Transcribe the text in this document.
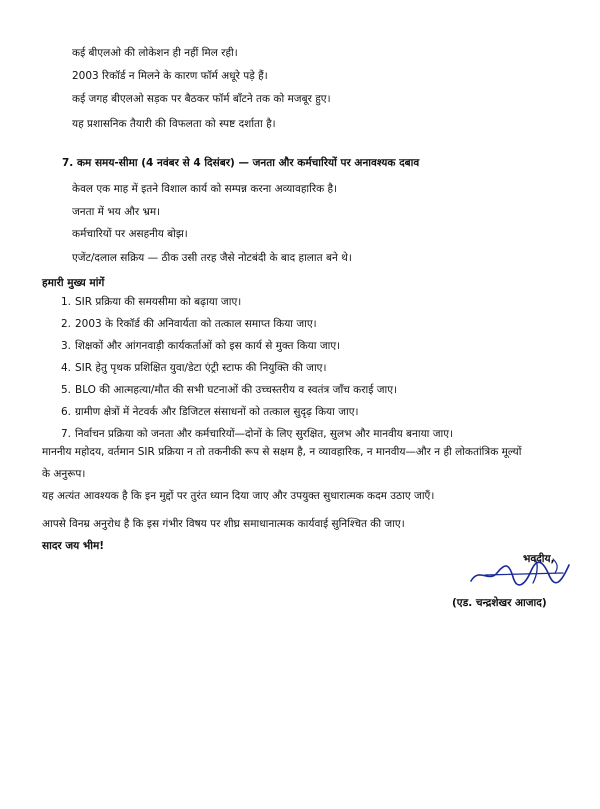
कई बीएलओ की लोकेशन ही नहीं मिल रही।
2003 रिकॉर्ड न मिलने के कारण फॉर्म अधूरे पड़े हैं।
कई जगह बीएलओ सड़क पर बैठकर फॉर्म बाँटने तक को मजबूर हुए।
यह प्रशासनिक तैयारी की विफलता को स्पष्ट दर्शाता है।
7. कम समय-सीमा (4 नवंबर से 4 दिसंबर) — जनता और कर्मचारियों पर अनावश्यक दबाव
केवल एक माह में इतने विशाल कार्य को सम्पन्न करना अव्यावहारिक है।
जनता में भय और भ्रम।
कर्मचारियों पर असहनीय बोझ।
एजेंट/दलाल सक्रिय — ठीक उसी तरह जैसे नोटबंदी के बाद हालात बने थे।
हमारी मुख्य मांगें
1. SIR प्रक्रिया की समयसीमा को बढ़ाया जाए।
2. 2003 के रिकॉर्ड की अनिवार्यता को तत्काल समाप्त किया जाए।
3. शिक्षकों और आंगनवाड़ी कार्यकर्ताओं को इस कार्य से मुक्त किया जाए।
4. SIR हेतु पृथक प्रशिक्षित युवा/डेटा एंट्री स्टाफ की नियुक्ति की जाए।
5. BLO की आत्महत्या/मौत की सभी घटनाओं की उच्चस्तरीय व स्वतंत्र जाँच कराई जाए।
6. ग्रामीण क्षेत्रों में नेटवर्क और डिजिटल संसाधनों को तत्काल सुदृढ़ किया जाए।
7. निर्वाचन प्रक्रिया को जनता और कर्मचारियों—दोनों के लिए सुरक्षित, सुलभ और मानवीय बनाया जाए।
माननीय महोदय, वर्तमान SIR प्रक्रिया न तो तकनीकी रूप से सक्षम है, न व्यावहारिक, न मानवीय—और न ही लोकतांत्रिक मूल्यों
के अनुरूप।
यह अत्यंत आवश्यक है कि इन मुद्दों पर तुरंत ध्यान दिया जाए और उपयुक्त सुधारात्मक कदम उठाए जाएँ।
आपसे विनम्र अनुरोध है कि इस गंभीर विषय पर शीघ्र समाधानात्मक कार्यवाई सुनिश्चित की जाए।
सादर जय भीम!
भवदीय,
(एड. चन्द्रशेखर आजाद)
